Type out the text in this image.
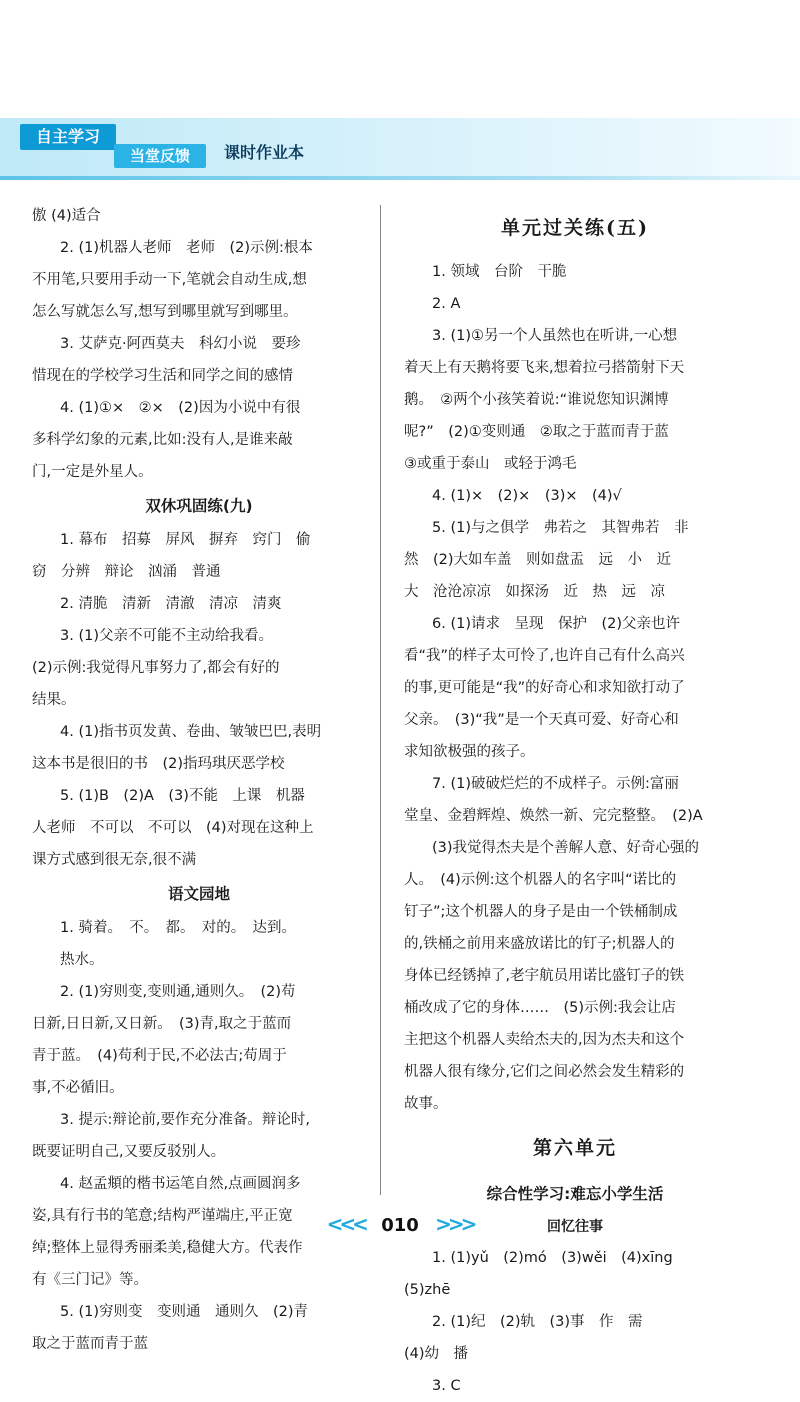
自主学习
当堂反馈	课时作业本
傲 (4)适合
2. (1)机器人老师　老师　(2)示例:根本
不用笔,只要用手动一下,笔就会自动生成,想
怎么写就怎么写,想写到哪里就写到哪里。
3. 艾萨克·阿西莫夫　科幻小说　要珍
惜现在的学校学习生活和同学之间的感情
4. (1)①×　②×　(2)因为小说中有很
多科学幻象的元素,比如:没有人,是谁来敲
门,一定是外星人。
双休巩固练(九)
1. 幕布　招募　屏风　摒弃　窍门　偷
窃　分辨　辩论　汹涌　普通
2. 清脆　清新　清澈　清凉　清爽
3. (1)父亲不可能不主动给我看。
(2)示例:我觉得凡事努力了,都会有好的
结果。
4. (1)指书页发黄、卷曲、皱皱巴巴,表明
这本书是很旧的书　(2)指玛琪厌恶学校
5. (1)B　(2)A　(3)不能　上课　机器
人老师　不可以　不可以　(4)对现在这种上
课方式感到很无奈,很不满
语文园地
1. 骑着。　不。　都。　对的。　达到。
热水。
2. (1)穷则变,变则通,通则久。　(2)苟
日新,日日新,又日新。　(3)青,取之于蓝而
青于蓝。　(4)苟利于民,不必法古;苟周于
事,不必循旧。
3. 提示:辩论前,要作充分准备。辩论时,
既要证明自己,又要反驳别人。
4. 赵孟頫的楷书运笔自然,点画圆润多
姿,具有行书的笔意;结构严谨端庄,平正宽
绰;整体上显得秀丽柔美,稳健大方。代表作
有《三门记》等。
5. (1)穷则变　变则通　通则久　(2)青
取之于蓝而青于蓝
单元过关练(五)
1. 领域　台阶　干脆
2. A
3. (1)①另一个人虽然也在听讲,一心想
着天上有天鹅将要飞来,想着拉弓搭箭射下天
鹅。　②两个小孩笑着说:“谁说您知识渊博
呢?”　(2)①变则通　②取之于蓝而青于蓝
③或重于泰山　或轻于鸿毛
4. (1)×　(2)×　(3)×　(4)√
5. (1)与之俱学　弗若之　其智弗若　非
然　(2)大如车盖　则如盘盂　远　小　近
大　沧沧凉凉　如探汤　近　热　远　凉
6. (1)请求　呈现　保护　(2)父亲也许
看“我”的样子太可怜了,也许自己有什么高兴
的事,更可能是“我”的好奇心和求知欲打动了
父亲。　(3)“我”是一个天真可爱、好奇心和
求知欲极强的孩子。
7. (1)破破烂烂的不成样子。示例:富丽
堂皇、金碧辉煌、焕然一新、完完整整。　(2)A
(3)我觉得杰夫是个善解人意、好奇心强的
人。　(4)示例:这个机器人的名字叫“诺比的
钉子”;这个机器人的身子是由一个铁桶制成
的,铁桶之前用来盛放诺比的钉子;机器人的
身体已经锈掉了,老宇航员用诺比盛钉子的铁
桶改成了它的身体……　(5)示例:我会让店
主把这个机器人卖给杰夫的,因为杰夫和这个
机器人很有缘分,它们之间必然会发生精彩的
故事。
第六单元
综合性学习:难忘小学生活
回忆往事
1. (1)yǔ　(2)mó　(3)wěi　(4)xīng
(5)zhē
2. (1)纪　(2)轨　(3)事　作　需
(4)幼　播
3. C
<<< 010 >>>
